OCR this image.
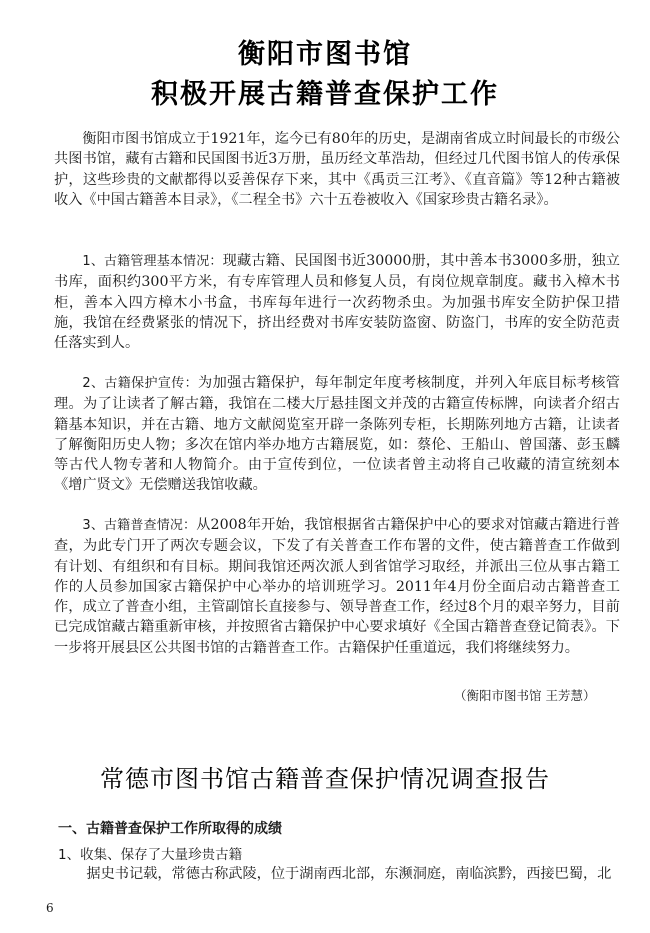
衡阳市图书馆
积极开展古籍普查保护工作
衡阳市图书馆成立于1921年，迄今已有80年的历史，是湖南省成立时间最长的市级公共图书馆，藏有古籍和民国图书近3万册，虽历经文革浩劫，但经过几代图书馆人的传承保护，这些珍贵的文献都得以妥善保存下来，其中《禹贡三江考》、《直音篇》等12种古籍被收入《中国古籍善本目录》，《二程全书》六十五卷被收入《国家珍贵古籍名录》。
1、古籍管理基本情况：现藏古籍、民国图书近30000册，其中善本书3000多册，独立书库，面积约300平方米，有专库管理人员和修复人员，有岗位规章制度。藏书入樟木书柜，善本入四方樟木小书盒，书库每年进行一次药物杀虫。为加强书库安全防护保卫措施，我馆在经费紧张的情况下，挤出经费对书库安装防盗窗、防盗门，书库的安全防范责任落实到人。
2、古籍保护宣传：为加强古籍保护，每年制定年度考核制度，并列入年底目标考核管理。为了让读者了解古籍，我馆在二楼大厅悬挂图文并茂的古籍宣传标牌，向读者介绍古籍基本知识，并在古籍、地方文献阅览室开辟一条陈列专柜，长期陈列地方古籍，让读者了解衡阳历史人物；多次在馆内举办地方古籍展览，如：蔡伦、王船山、曾国藩、彭玉麟等古代人物专著和人物简介。由于宣传到位，一位读者曾主动将自己收藏的清宣统刻本《增广贤文》无偿赠送我馆收藏。
3、古籍普查情况：从2008年开始，我馆根据省古籍保护中心的要求对馆藏古籍进行普查，为此专门开了两次专题会议，下发了有关普查工作布署的文件，使古籍普查工作做到有计划、有组织和有目标。期间我馆还两次派人到省馆学习取经，并派出三位从事古籍工作的人员参加国家古籍保护中心举办的培训班学习。2011年4月份全面启动古籍普查工作，成立了普查小组，主管副馆长直接参与、领导普查工作，经过8个月的艰辛努力，目前已完成馆藏古籍重新审核，并按照省古籍保护中心要求填好《全国古籍普查登记简表》。下一步将开展县区公共图书馆的古籍普查工作。古籍保护任重道远，我们将继续努力。
（衡阳市图书馆 王芳慧）
常德市图书馆古籍普查保护情况调查报告
一、古籍普查保护工作所取得的成绩
1、收集、保存了大量珍贵古籍
据史书记载，常德古称武陵，位于湖南西北部，东濒洞庭，南临滨黔，西接巴蜀，北
6
